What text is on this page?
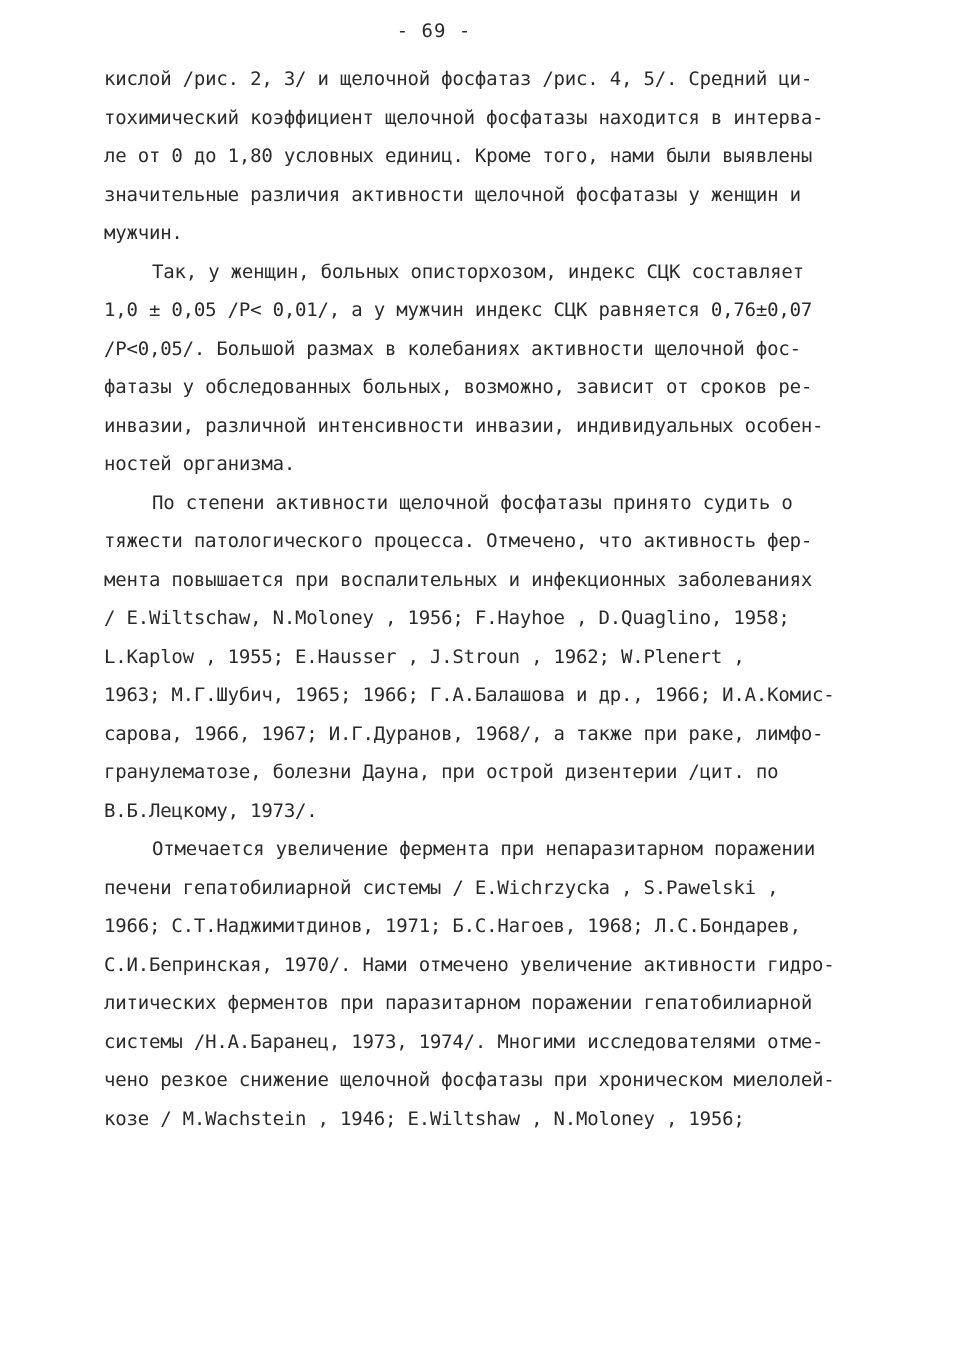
- 69 -
кислой /рис. 2, 3/ и щелочной фосфатаз /рис. 4, 5/. Средний ци-
тохимический коэффициент щелочной фосфатазы находится в интерва-
ле от 0 до 1,80 условных единиц. Кроме того, нами были выявлены
значительные различия активности щелочной фосфатазы у женщин и
мужчин.
Так, у женщин, больных описторхозом, индекс СЦК составляет
1,0 ± 0,05 /P< 0,01/, а у мужчин индекс СЦК равняется 0,76±0,07
/P<0,05/. Большой размах в колебаниях активности щелочной фос-
фатазы у обследованных больных, возможно, зависит от сроков ре-
инвазии, различной интенсивности инвазии, индивидуальных особен-
ностей организма.
По степени активности щелочной фосфатазы принято судить о
тяжести патологического процесса. Отмечено, что активность фер-
мента повышается при воспалительных и инфекционных заболеваниях
/ E.Wiltschaw, N.Moloney , 1956; F.Hayhoe , D.Quaglino, 1958;
L.Kaplow , 1955; E.Hausser , J.Stroun , 1962; W.Plenert ,
1963; М.Г.Шубич, 1965; 1966; Г.А.Балашова и др., 1966; И.А.Комис-
сарова, 1966, 1967; И.Г.Дуранов, 1968/, а также при раке, лимфо-
гранулематозе, болезни Дауна, при острой дизентерии /цит. по
В.Б.Лецкому, 1973/.
Отмечается увеличение фермента при непаразитарном поражении
печени гепатобилиарной системы / E.Wichrzycka , S.Pawelski ,
1966; С.Т.Наджимитдинов, 1971; Б.С.Нагоев, 1968; Л.С.Бондарев,
С.И.Бепринская, 1970/. Нами отмечено увеличение активности гидро-
литических ферментов при паразитарном поражении гепатобилиарной
системы /Н.А.Баранец, 1973, 1974/. Многими исследователями отме-
чено резкое снижение щелочной фосфатазы при хроническом миелолей-
козе / M.Wachstein , 1946; E.Wiltshaw , N.Moloney , 1956;
